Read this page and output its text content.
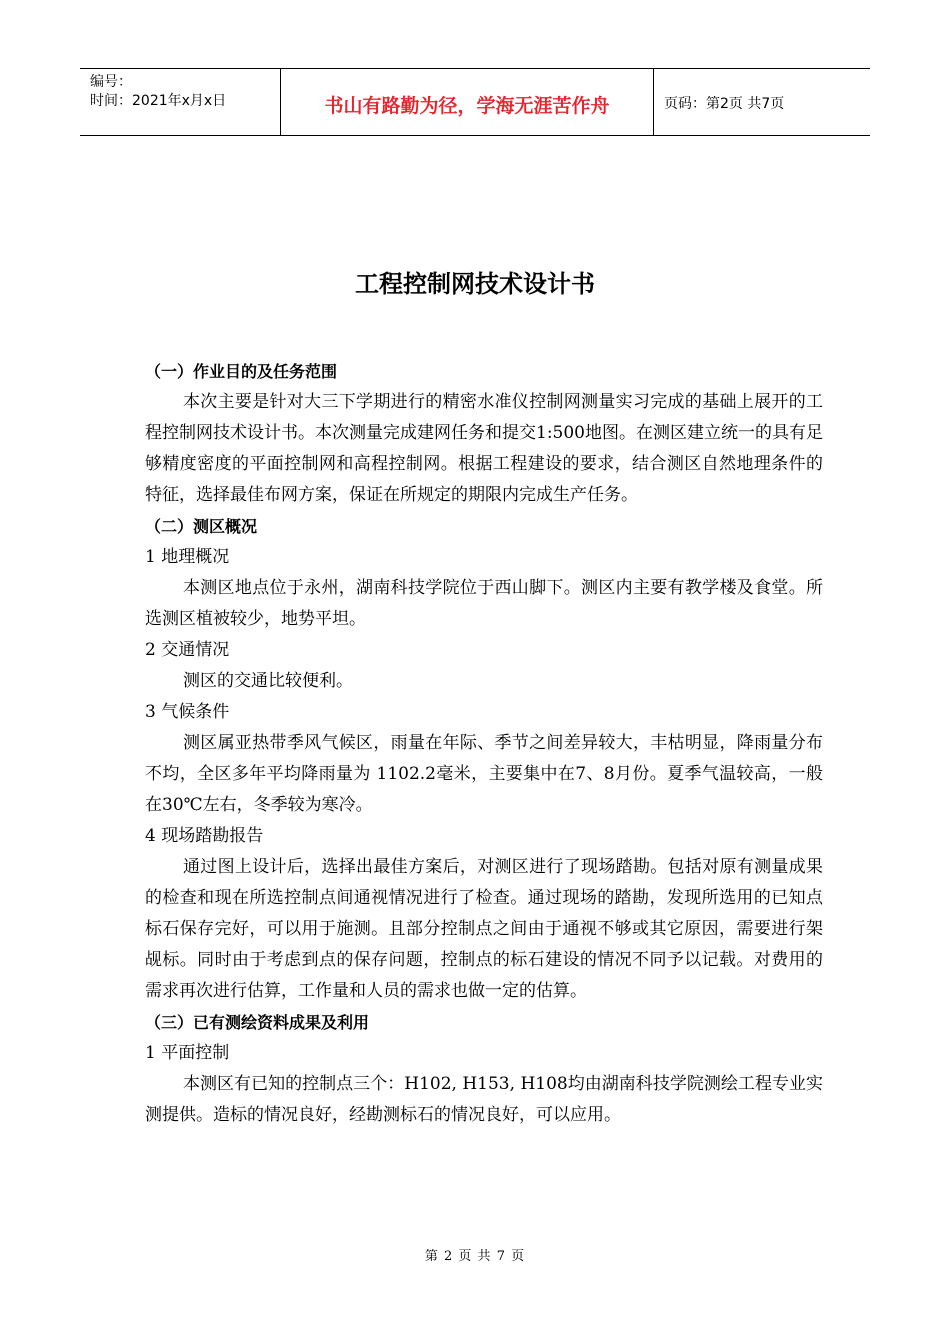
编号：
时间：2021年x月x日	书山有路勤为径，学海无涯苦作舟	页码：第2页 共7页
工程控制网技术设计书

（一）作业目的及任务范围

本次主要是针对大三下学期进行的精密水准仪控制网测量实习完成的基础上展开的工程控制网技术设计书。本次测量完成建网任务和提交1:500地图。在测区建立统一的具有足够精度密度的平面控制网和高程控制网。根据工程建设的要求，结合测区自然地理条件的特征，选择最佳布网方案，保证在所规定的期限内完成生产任务。

（二）测区概况

1 地理概况

本测区地点位于永州，湖南科技学院位于西山脚下。测区内主要有教学楼及食堂。所选测区植被较少，地势平坦。

2 交通情况

测区的交通比较便利。

3 气候条件

测区属亚热带季风气候区，雨量在年际、季节之间差异较大，丰枯明显，降雨量分布不均，全区多年平均降雨量为 1102.2毫米，主要集中在7、8月份。夏季气温较高，一般在30℃左右，冬季较为寒冷。

4 现场踏勘报告

通过图上设计后，选择出最佳方案后，对测区进行了现场踏勘。包括对原有测量成果的检查和现在所选控制点间通视情况进行了检查。通过现场的踏勘，发现所选用的已知点标石保存完好，可以用于施测。且部分控制点之间由于通视不够或其它原因，需要进行架觇标。同时由于考虑到点的保存问题，控制点的标石建设的情况不同予以记载。对费用的需求再次进行估算，工作量和人员的需求也做一定的估算。

（三）已有测绘资料成果及利用

1 平面控制

本测区有已知的控制点三个：H102, H153, H108均由湖南科技学院测绘工程专业实测提供。造标的情况良好，经勘测标石的情况良好，可以应用。

第 2 页 共 7 页
